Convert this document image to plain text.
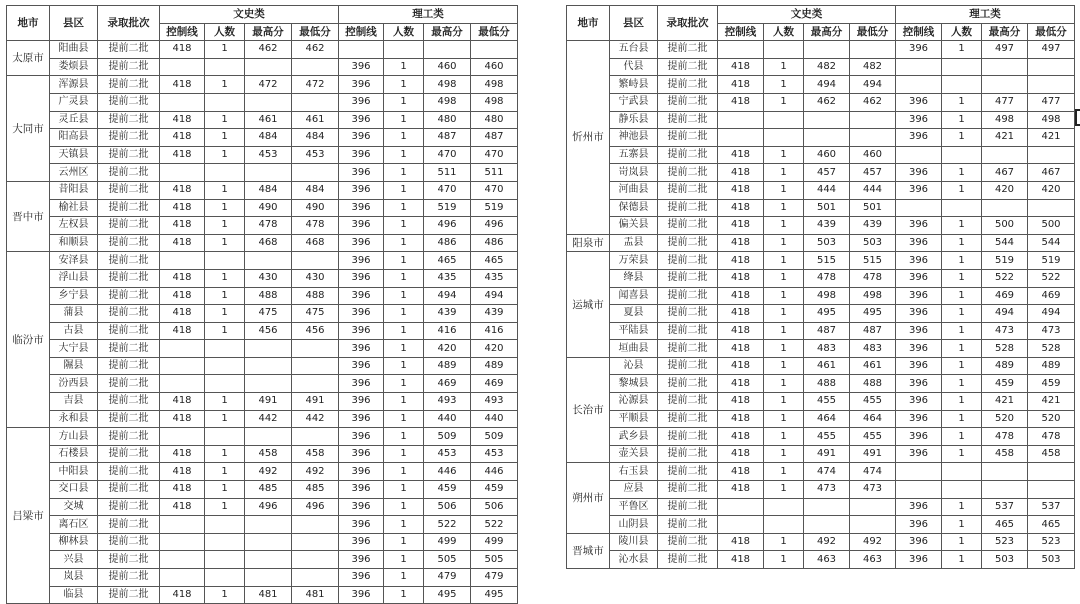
地市	县区	录取批次	文史类				理工类			
			控制线	人数	最高分	最低分	控制线	人数	最高分	最低分
太原市	阳曲县	提前二批	418	1	462	462				
	娄烦县	提前二批					396	1	460	460
大同市	浑源县	提前二批	418	1	472	472	396	1	498	498
	广灵县	提前二批					396	1	498	498
	灵丘县	提前二批	418	1	461	461	396	1	480	480
	阳高县	提前二批	418	1	484	484	396	1	487	487
	天镇县	提前二批	418	1	453	453	396	1	470	470
	云州区	提前二批					396	1	511	511
晋中市	昔阳县	提前二批	418	1	484	484	396	1	470	470
	榆社县	提前二批	418	1	490	490	396	1	519	519
	左权县	提前二批	418	1	478	478	396	1	496	496
	和顺县	提前二批	418	1	468	468	396	1	486	486
临汾市	安泽县	提前二批					396	1	465	465
	浮山县	提前二批	418	1	430	430	396	1	435	435
	乡宁县	提前二批	418	1	488	488	396	1	494	494
	蒲县	提前二批	418	1	475	475	396	1	439	439
	古县	提前二批	418	1	456	456	396	1	416	416
	大宁县	提前二批					396	1	420	420
	隰县	提前二批					396	1	489	489
	汾西县	提前二批					396	1	469	469
	吉县	提前二批	418	1	491	491	396	1	493	493
	永和县	提前二批	418	1	442	442	396	1	440	440
吕梁市	方山县	提前二批					396	1	509	509
	石楼县	提前二批	418	1	458	458	396	1	453	453
	中阳县	提前二批	418	1	492	492	396	1	446	446
	交口县	提前二批	418	1	485	485	396	1	459	459
	交城	提前二批	418	1	496	496	396	1	506	506
	离石区	提前二批					396	1	522	522
	柳林县	提前二批					396	1	499	499
	兴县	提前二批					396	1	505	505
	岚县	提前二批					396	1	479	479
	临县	提前二批	418	1	481	481	396	1	495	495
地市	县区	录取批次	文史类				理工类			
			控制线	人数	最高分	最低分	控制线	人数	最高分	最低分
忻州市	五台县	提前二批					396	1	497	497
	代县	提前二批	418	1	482	482				
	繁峙县	提前二批	418	1	494	494				
	宁武县	提前二批	418	1	462	462	396	1	477	477
	静乐县	提前二批					396	1	498	498
	神池县	提前二批					396	1	421	421
	五寨县	提前二批	418	1	460	460				
	岢岚县	提前二批	418	1	457	457	396	1	467	467
	河曲县	提前二批	418	1	444	444	396	1	420	420
	保德县	提前二批	418	1	501	501				
	偏关县	提前二批	418	1	439	439	396	1	500	500
阳泉市	盂县	提前二批	418	1	503	503	396	1	544	544
运城市	万荣县	提前二批	418	1	515	515	396	1	519	519
	绛县	提前二批	418	1	478	478	396	1	522	522
	闻喜县	提前二批	418	1	498	498	396	1	469	469
	夏县	提前二批	418	1	495	495	396	1	494	494
	平陆县	提前二批	418	1	487	487	396	1	473	473
	垣曲县	提前二批	418	1	483	483	396	1	528	528
长治市	沁县	提前二批	418	1	461	461	396	1	489	489
	黎城县	提前二批	418	1	488	488	396	1	459	459
	沁源县	提前二批	418	1	455	455	396	1	421	421
	平顺县	提前二批	418	1	464	464	396	1	520	520
	武乡县	提前二批	418	1	455	455	396	1	478	478
	壶关县	提前二批	418	1	491	491	396	1	458	458
朔州市	右玉县	提前二批	418	1	474	474				
	应县	提前二批	418	1	473	473				
	平鲁区	提前二批					396	1	537	537
	山阴县	提前二批					396	1	465	465
晋城市	陵川县	提前二批	418	1	492	492	396	1	523	523
	沁水县	提前二批	418	1	463	463	396	1	503	503
